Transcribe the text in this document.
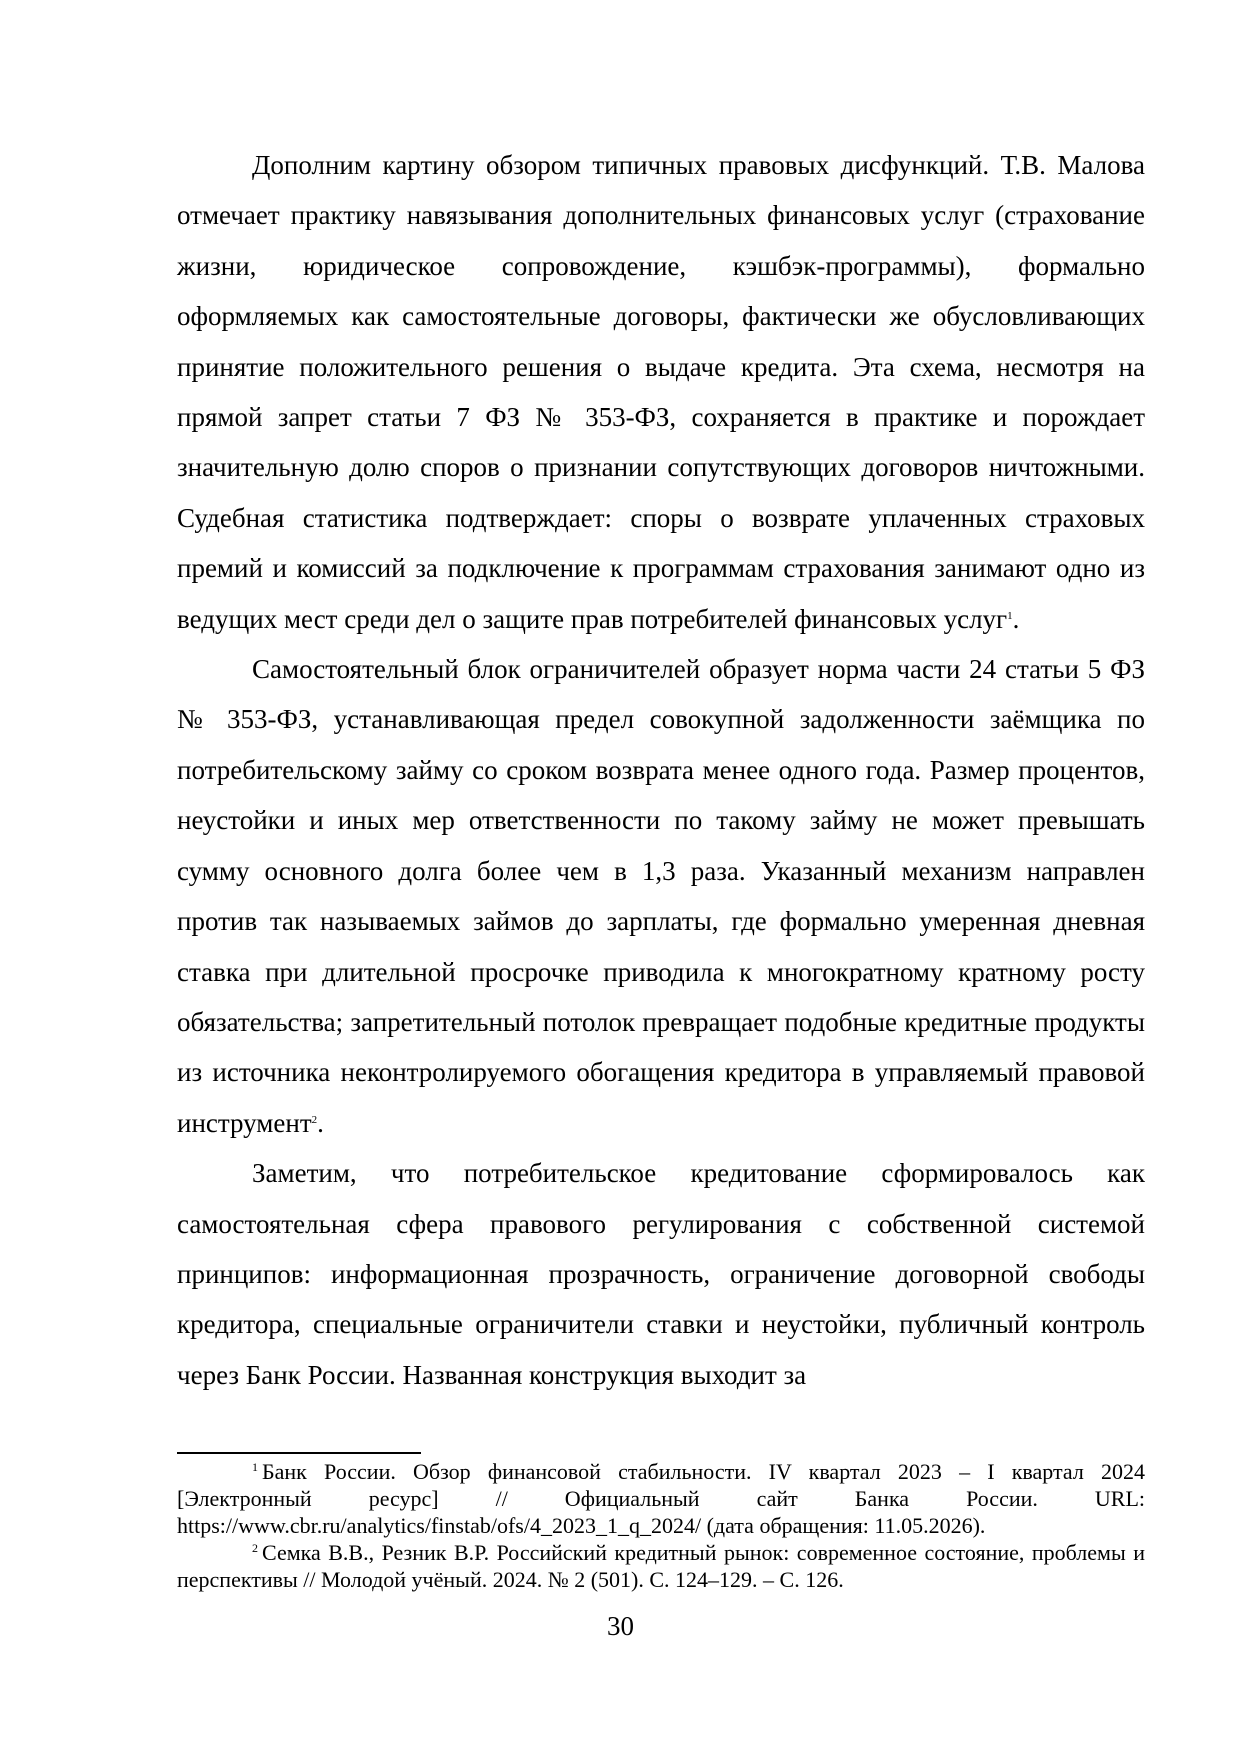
Дополним картину обзором типичных правовых дисфункций. Т.В. Малова отмечает практику навязывания дополнительных финансовых услуг (страхование жизни, юридическое сопровождение, кэшбэк-программы), формально оформляемых как самостоятельные договоры, фактически же обусловливающих принятие положительного решения о выдаче кредита. Эта схема, несмотря на прямой запрет статьи 7 ФЗ № 353-ФЗ, сохраняется в практике и порождает значительную долю споров о признании сопутствующих договоров ничтожными. Судебная статистика подтверждает: споры о возврате уплаченных страховых премий и комиссий за подключение к программам страхования занимают одно из ведущих мест среди дел о защите прав потребителей финансовых услуг$^1$.

Самостоятельный блок ограничителей образует норма части 24 статьи 5 ФЗ № 353-ФЗ, устанавливающая предел совокупной задолженности заёмщика по потребительскому займу со сроком возврата менее одного года. Размер процентов, неустойки и иных мер ответственности по такому займу не может превышать сумму основного долга более чем в 1,3 раза. Указанный механизм направлен против так называемых займов до зарплаты, где формально умеренная дневная ставка при длительной просрочке приводила к многократному кратному росту обязательства; запретительный потолок превращает подобные кредитные продукты из источника неконтролируемого обогащения кредитора в управляемый правовой инструмент$^2$.

Заметим, что потребительское кредитование сформировалось как самостоятельная сфера правового регулирования с собственной системой принципов: информационная прозрачность, ограничение договорной свободы кредитора, специальные ограничители ставки и неустойки, публичный контроль через Банк России. Названная конструкция выходит за

$^1$ Банк России. Обзор финансовой стабильности. IV квартал 2023 – I квартал 2024 [Электронный ресурс] // Официальный сайт Банка России. URL: https://www.cbr.ru/analytics/finstab/ofs/4_2023_1_q_2024/ (дата обращения: 11.05.2026).

$^2$ Семка В.В., Резник В.Р. Российский кредитный рынок: современное состояние, проблемы и перспективы // Молодой учёный. 2024. № 2 (501). С. 124–129. – С. 126.

30
